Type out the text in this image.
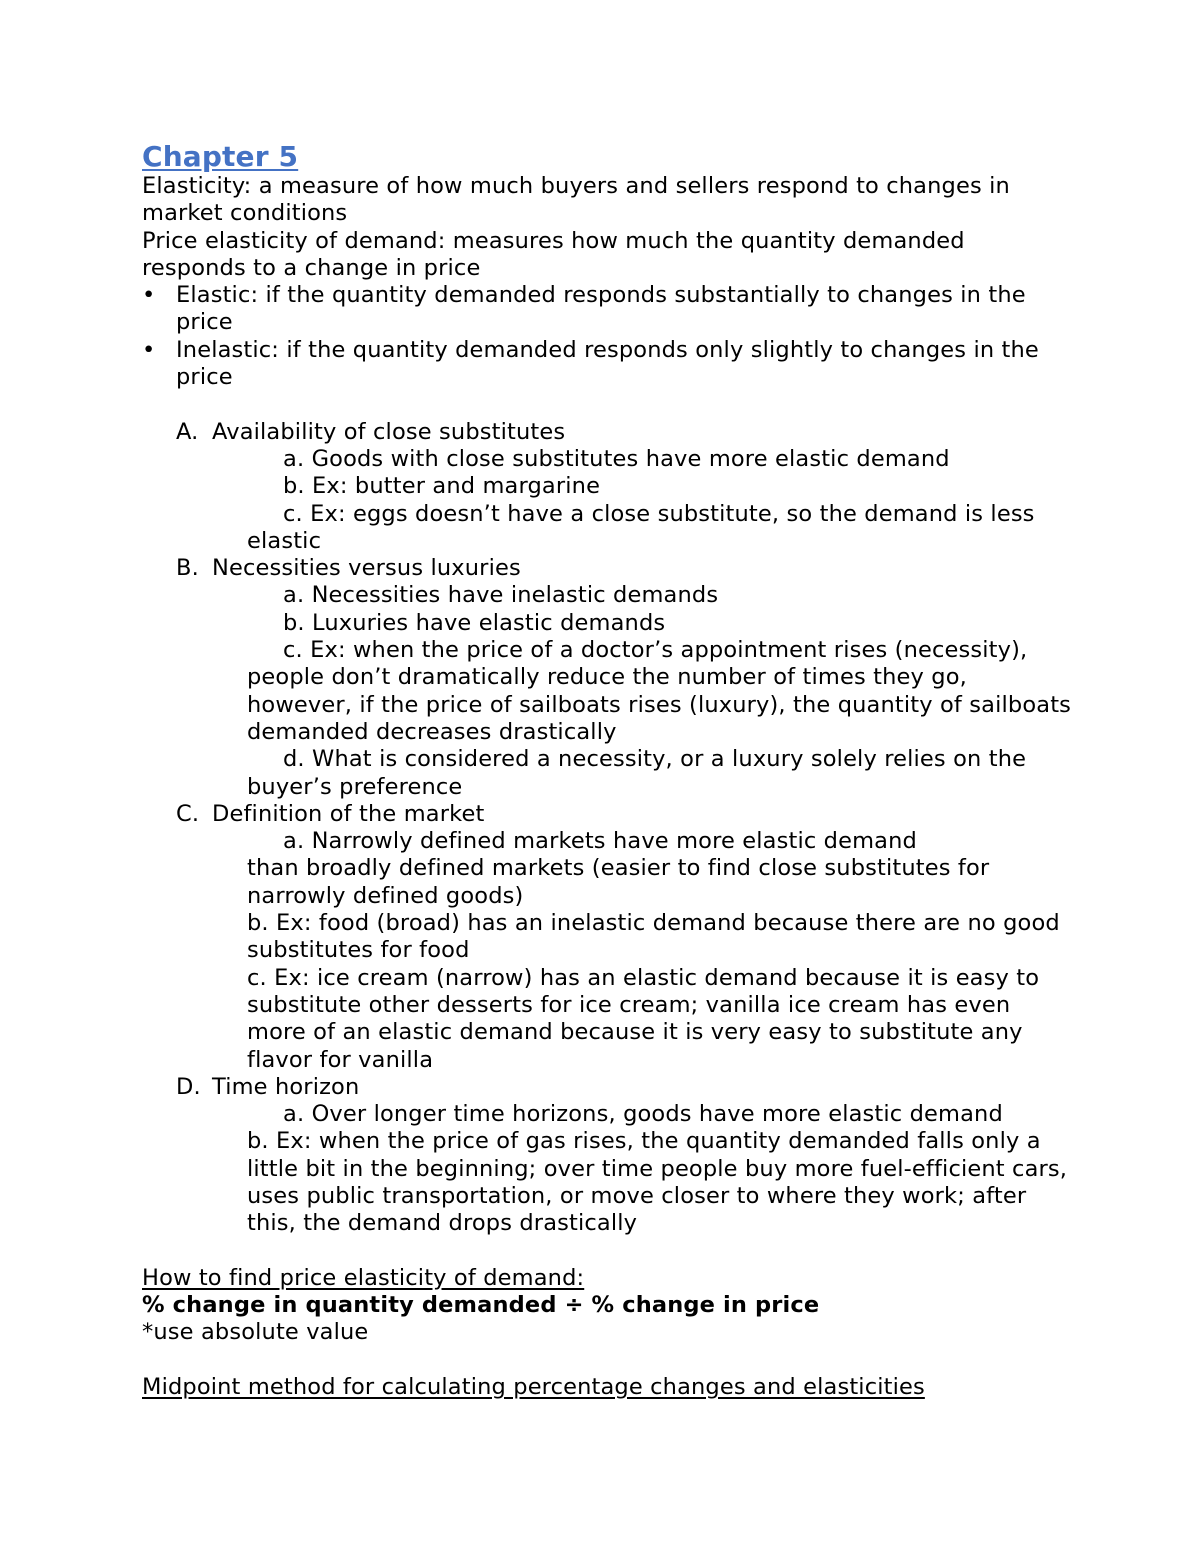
Chapter 5

Elasticity: a measure of how much buyers and sellers respond to changes in market conditions

Price elasticity of demand: measures how much the quantity demanded responds to a change in price

• Elastic: if the quantity demanded responds substantially to changes in the price
• Inelastic: if the quantity demanded responds only slightly to changes in the price
A. Availability of close substitutes
a. Goods with close substitutes have more elastic demand
b. Ex: butter and margarine
c. Ex: eggs doesn’t have a close substitute, so the demand is less elastic
B. Necessities versus luxuries
a. Necessities have inelastic demands
b. Luxuries have elastic demands
c. Ex: when the price of a doctor’s appointment rises (necessity), people don’t dramatically reduce the number of times they go, however, if the price of sailboats rises (luxury), the quantity of sailboats demanded decreases drastically
d. What is considered a necessity, or a luxury solely relies on the buyer’s preference
C. Definition of the market
a. Narrowly defined markets have more elastic demand
than broadly defined markets (easier to find close substitutes for narrowly defined goods)
b. Ex: food (broad) has an inelastic demand because there are no good substitutes for food
c. Ex: ice cream (narrow) has an elastic demand because it is easy to substitute other desserts for ice cream; vanilla ice cream has even more of an elastic demand because it is very easy to substitute any flavor for vanilla
D. Time horizon
a. Over longer time horizons, goods have more elastic demand
b. Ex: when the price of gas rises, the quantity demanded falls only a little bit in the beginning; over time people buy more fuel-efficient cars, uses public transportation, or move closer to where they work; after this, the demand drops drastically

How to find price elasticity of demand:

% change in quantity demanded ÷ % change in price

*use absolute value

Midpoint method for calculating percentage changes and elasticities
